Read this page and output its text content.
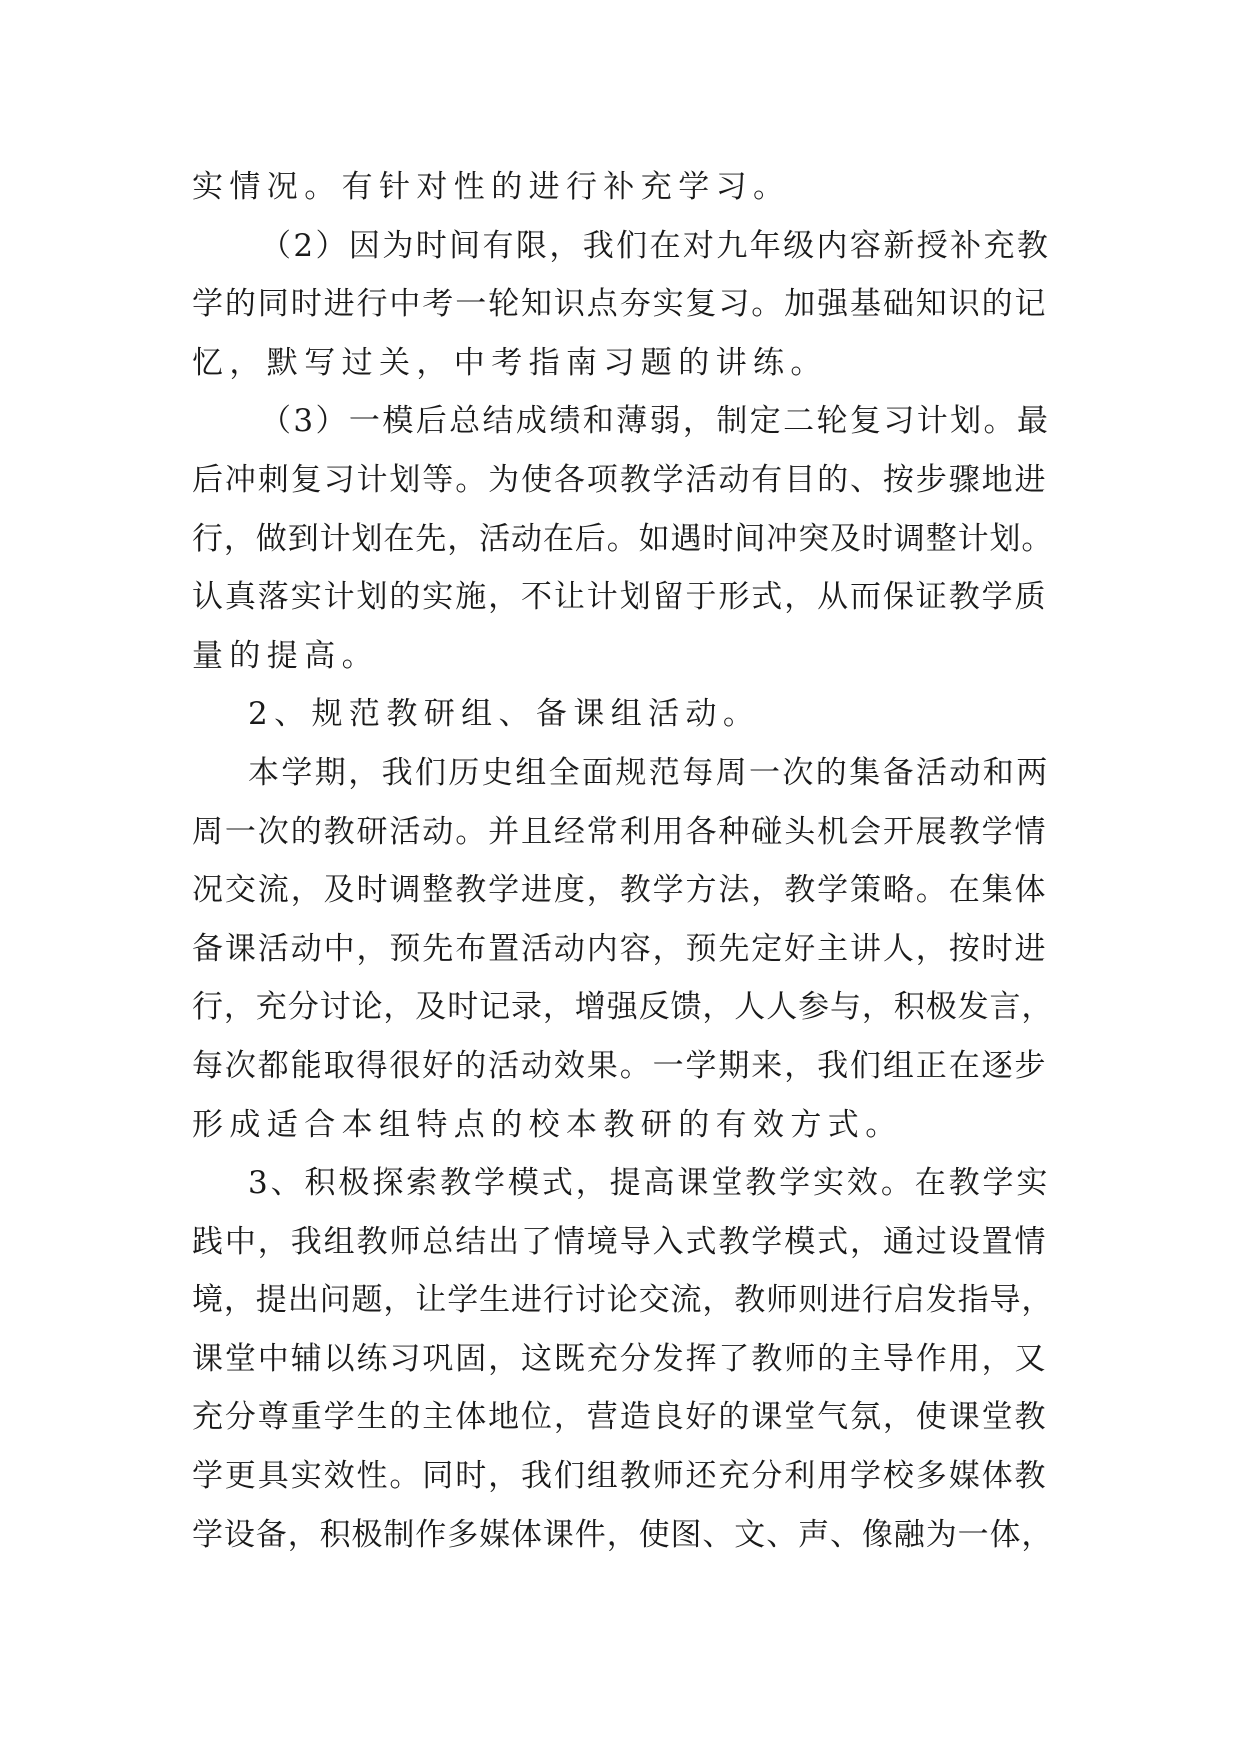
实情况。有针对性的进行补充学习。
（2）因为时间有限，我们在对九年级内容新授补充教
学的同时进行中考一轮知识点夯实复习。加强基础知识的记
忆，默写过关，中考指南习题的讲练。
（3）一模后总结成绩和薄弱，制定二轮复习计划。最
后冲刺复习计划等。为使各项教学活动有目的、按步骤地进
行，做到计划在先，活动在后。如遇时间冲突及时调整计划。
认真落实计划的实施，不让计划留于形式，从而保证教学质
量的提高。
2、规范教研组、备课组活动。
本学期，我们历史组全面规范每周一次的集备活动和两
周一次的教研活动。并且经常利用各种碰头机会开展教学情
况交流，及时调整教学进度，教学方法，教学策略。在集体
备课活动中，预先布置活动内容，预先定好主讲人，按时进
行，充分讨论，及时记录，增强反馈，人人参与，积极发言，
每次都能取得很好的活动效果。一学期来，我们组正在逐步
形成适合本组特点的校本教研的有效方式。
3、积极探索教学模式，提高课堂教学实效。在教学实
践中，我组教师总结出了情境导入式教学模式，通过设置情
境，提出问题，让学生进行讨论交流，教师则进行启发指导，
课堂中辅以练习巩固，这既充分发挥了教师的主导作用，又
充分尊重学生的主体地位，营造良好的课堂气氛，使课堂教
学更具实效性。同时，我们组教师还充分利用学校多媒体教
学设备，积极制作多媒体课件，使图、文、声、像融为一体，
